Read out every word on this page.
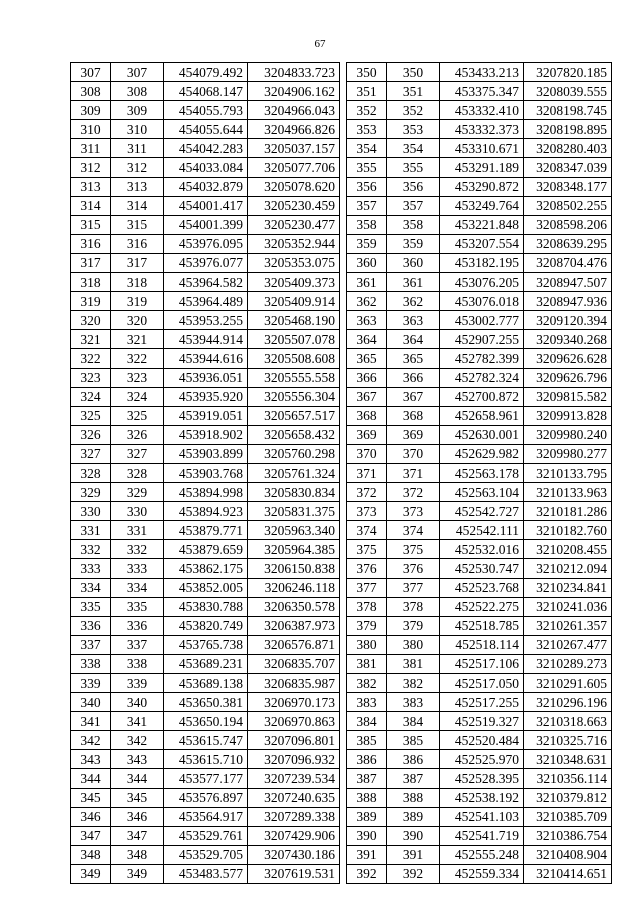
67
307	307	454079.492	3204833.723
308	308	454068.147	3204906.162
309	309	454055.793	3204966.043
310	310	454055.644	3204966.826
311	311	454042.283	3205037.157
312	312	454033.084	3205077.706
313	313	454032.879	3205078.620
314	314	454001.417	3205230.459
315	315	454001.399	3205230.477
316	316	453976.095	3205352.944
317	317	453976.077	3205353.075
318	318	453964.582	3205409.373
319	319	453964.489	3205409.914
320	320	453953.255	3205468.190
321	321	453944.914	3205507.078
322	322	453944.616	3205508.608
323	323	453936.051	3205555.558
324	324	453935.920	3205556.304
325	325	453919.051	3205657.517
326	326	453918.902	3205658.432
327	327	453903.899	3205760.298
328	328	453903.768	3205761.324
329	329	453894.998	3205830.834
330	330	453894.923	3205831.375
331	331	453879.771	3205963.340
332	332	453879.659	3205964.385
333	333	453862.175	3206150.838
334	334	453852.005	3206246.118
335	335	453830.788	3206350.578
336	336	453820.749	3206387.973
337	337	453765.738	3206576.871
338	338	453689.231	3206835.707
339	339	453689.138	3206835.987
340	340	453650.381	3206970.173
341	341	453650.194	3206970.863
342	342	453615.747	3207096.801
343	343	453615.710	3207096.932
344	344	453577.177	3207239.534
345	345	453576.897	3207240.635
346	346	453564.917	3207289.338
347	347	453529.761	3207429.906
348	348	453529.705	3207430.186
349	349	453483.577	3207619.531
350	350	453433.213	3207820.185
351	351	453375.347	3208039.555
352	352	453332.410	3208198.745
353	353	453332.373	3208198.895
354	354	453310.671	3208280.403
355	355	453291.189	3208347.039
356	356	453290.872	3208348.177
357	357	453249.764	3208502.255
358	358	453221.848	3208598.206
359	359	453207.554	3208639.295
360	360	453182.195	3208704.476
361	361	453076.205	3208947.507
362	362	453076.018	3208947.936
363	363	453002.777	3209120.394
364	364	452907.255	3209340.268
365	365	452782.399	3209626.628
366	366	452782.324	3209626.796
367	367	452700.872	3209815.582
368	368	452658.961	3209913.828
369	369	452630.001	3209980.240
370	370	452629.982	3209980.277
371	371	452563.178	3210133.795
372	372	452563.104	3210133.963
373	373	452542.727	3210181.286
374	374	452542.111	3210182.760
375	375	452532.016	3210208.455
376	376	452530.747	3210212.094
377	377	452523.768	3210234.841
378	378	452522.275	3210241.036
379	379	452518.785	3210261.357
380	380	452518.114	3210267.477
381	381	452517.106	3210289.273
382	382	452517.050	3210291.605
383	383	452517.255	3210296.196
384	384	452519.327	3210318.663
385	385	452520.484	3210325.716
386	386	452525.970	3210348.631
387	387	452528.395	3210356.114
388	388	452538.192	3210379.812
389	389	452541.103	3210385.709
390	390	452541.719	3210386.754
391	391	452555.248	3210408.904
392	392	452559.334	3210414.651
